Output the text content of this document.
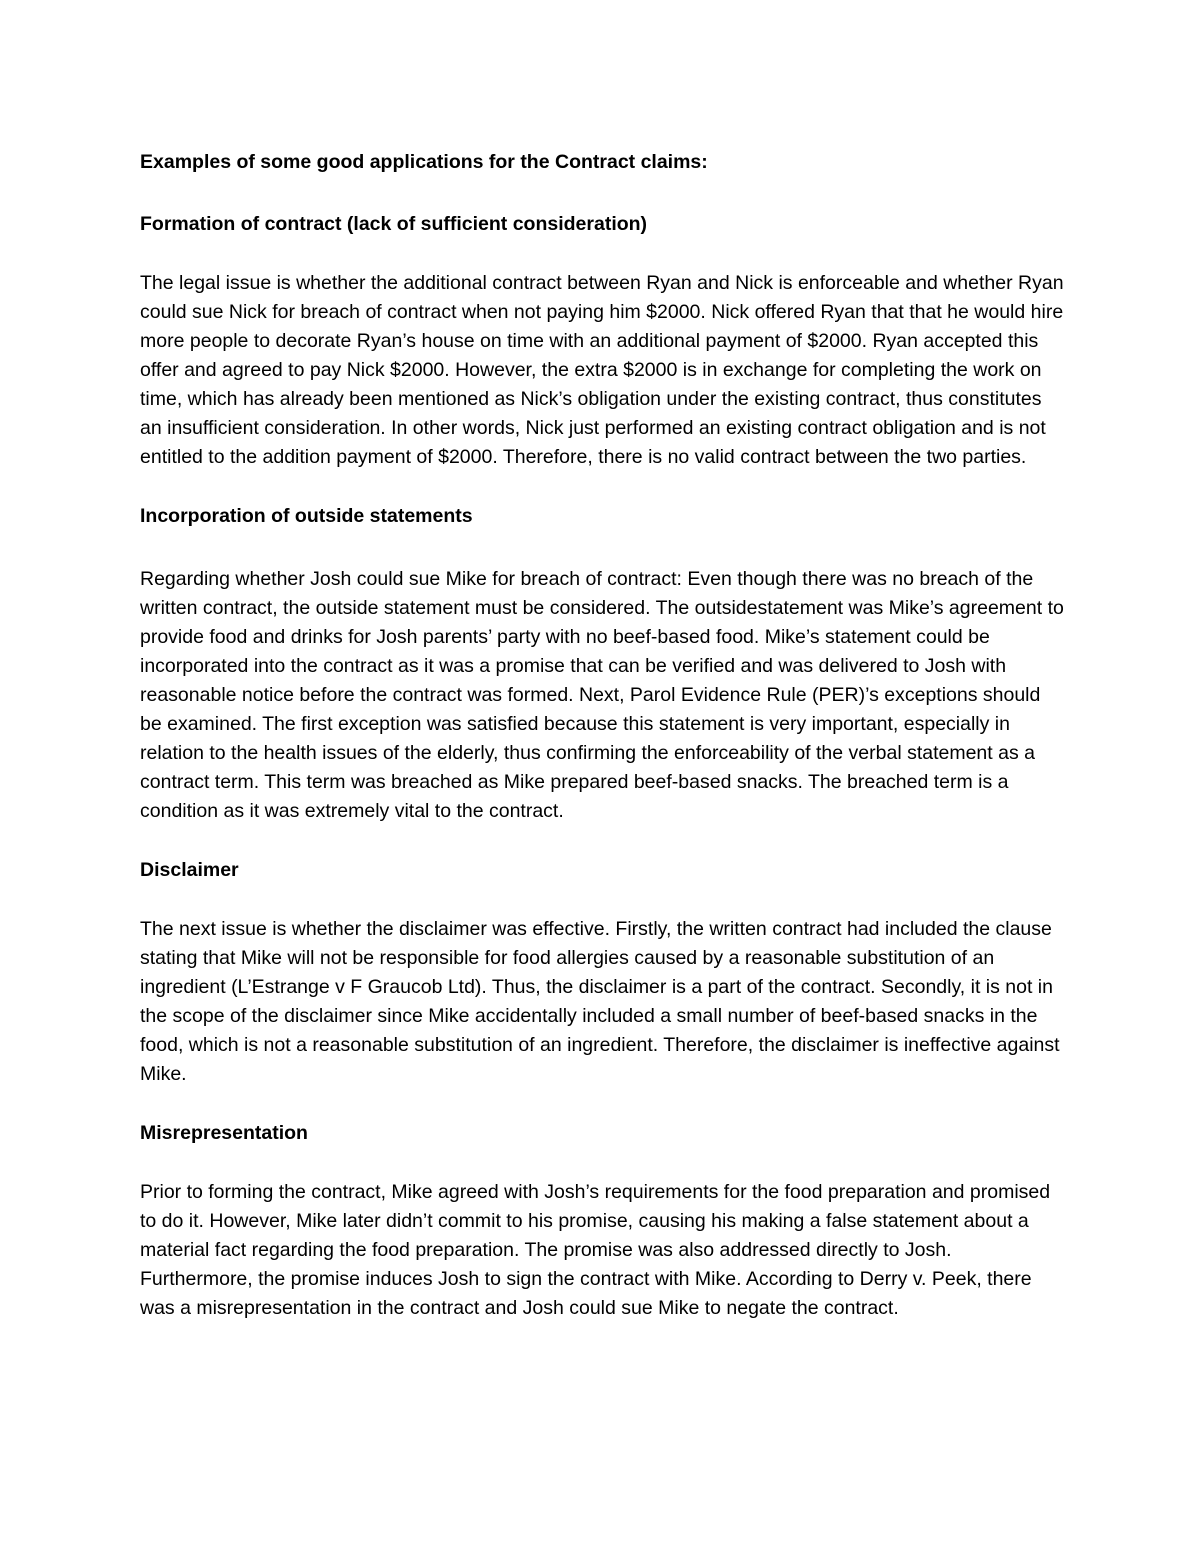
Examples of some good applications for the Contract claims:

Formation of contract (lack of sufficient consideration)

The legal issue is whether the additional contract between Ryan and Nick is enforceable and whether Ryan could sue Nick for breach of contract when not paying him $2000. Nick offered Ryan that that he would hire more people to decorate Ryan’s house on time with an additional payment of $2000. Ryan accepted this offer and agreed to pay Nick $2000. However, the extra $2000 is in exchange for completing the work on time, which has already been mentioned as Nick’s obligation under the existing contract, thus constitutes an insufficient consideration. In other words, Nick just performed an existing contract obligation and is not entitled to the addition payment of $2000. Therefore, there is no valid contract between the two parties.

Incorporation of outside statements

Regarding whether Josh could sue Mike for breach of contract: Even though there was no breach of the written contract, the outside statement must be considered. The outsidestatement was Mike’s agreement to provide food and drinks for Josh parents’ party with no beef-based food. Mike’s statement could be incorporated into the contract as it was a promise that can be verified and was delivered to Josh with reasonable notice before the contract was formed. Next, Parol Evidence Rule (PER)’s exceptions should be examined. The first exception was satisfied because this statement is very important, especially in relation to the health issues of the elderly, thus confirming the enforceability of the verbal statement as a contract term. This term was breached as Mike prepared beef-based snacks. The breached term is a condition as it was extremely vital to the contract.

Disclaimer

The next issue is whether the disclaimer was effective. Firstly, the written contract had included the clause stating that Mike will not be responsible for food allergies caused by a reasonable substitution of an ingredient (L’Estrange v F Graucob Ltd). Thus, the disclaimer is a part of the contract. Secondly, it is not in the scope of the disclaimer since Mike accidentally included a small number of beef-based snacks in the food, which is not a reasonable substitution of an ingredient. Therefore, the disclaimer is ineffective against Mike.

Misrepresentation

Prior to forming the contract, Mike agreed with Josh’s requirements for the food preparation and promised to do it. However, Mike later didn’t commit to his promise, causing his making a false statement about a material fact regarding the food preparation. The promise was also addressed directly to Josh. Furthermore, the promise induces Josh to sign the contract with Mike. According to Derry v. Peek, there was a misrepresentation in the contract and Josh could sue Mike to negate the contract.
